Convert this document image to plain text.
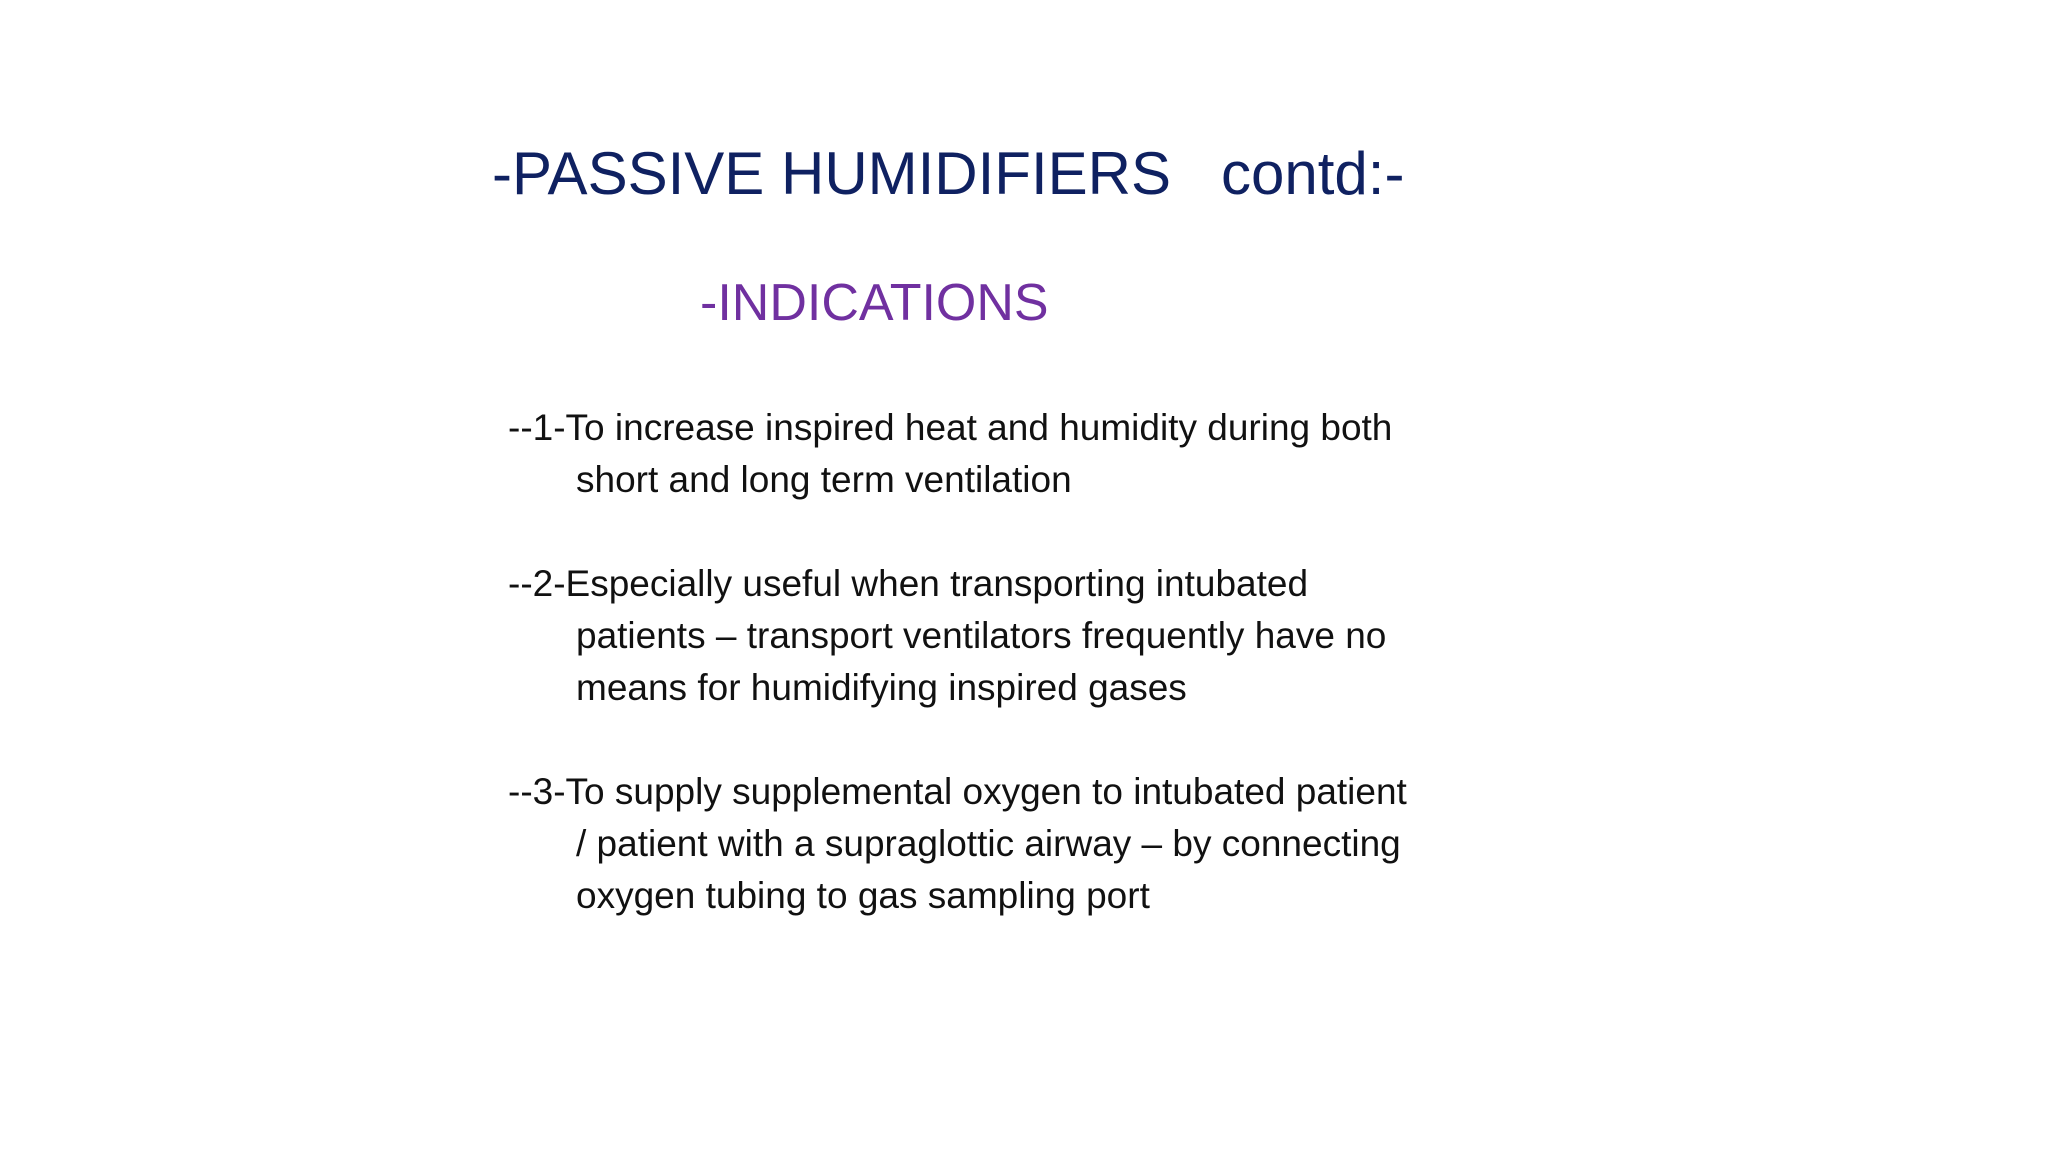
-PASSIVE HUMIDIFIERS   contd:-
-INDICATIONS
--1-To increase inspired heat and humidity during both short and long term ventilation
--2-Especially useful when transporting intubated patients – transport ventilators frequently have no means for humidifying inspired gases
--3-To supply supplemental oxygen to intubated patient / patient with a supraglottic airway – by connecting oxygen tubing to gas sampling port
